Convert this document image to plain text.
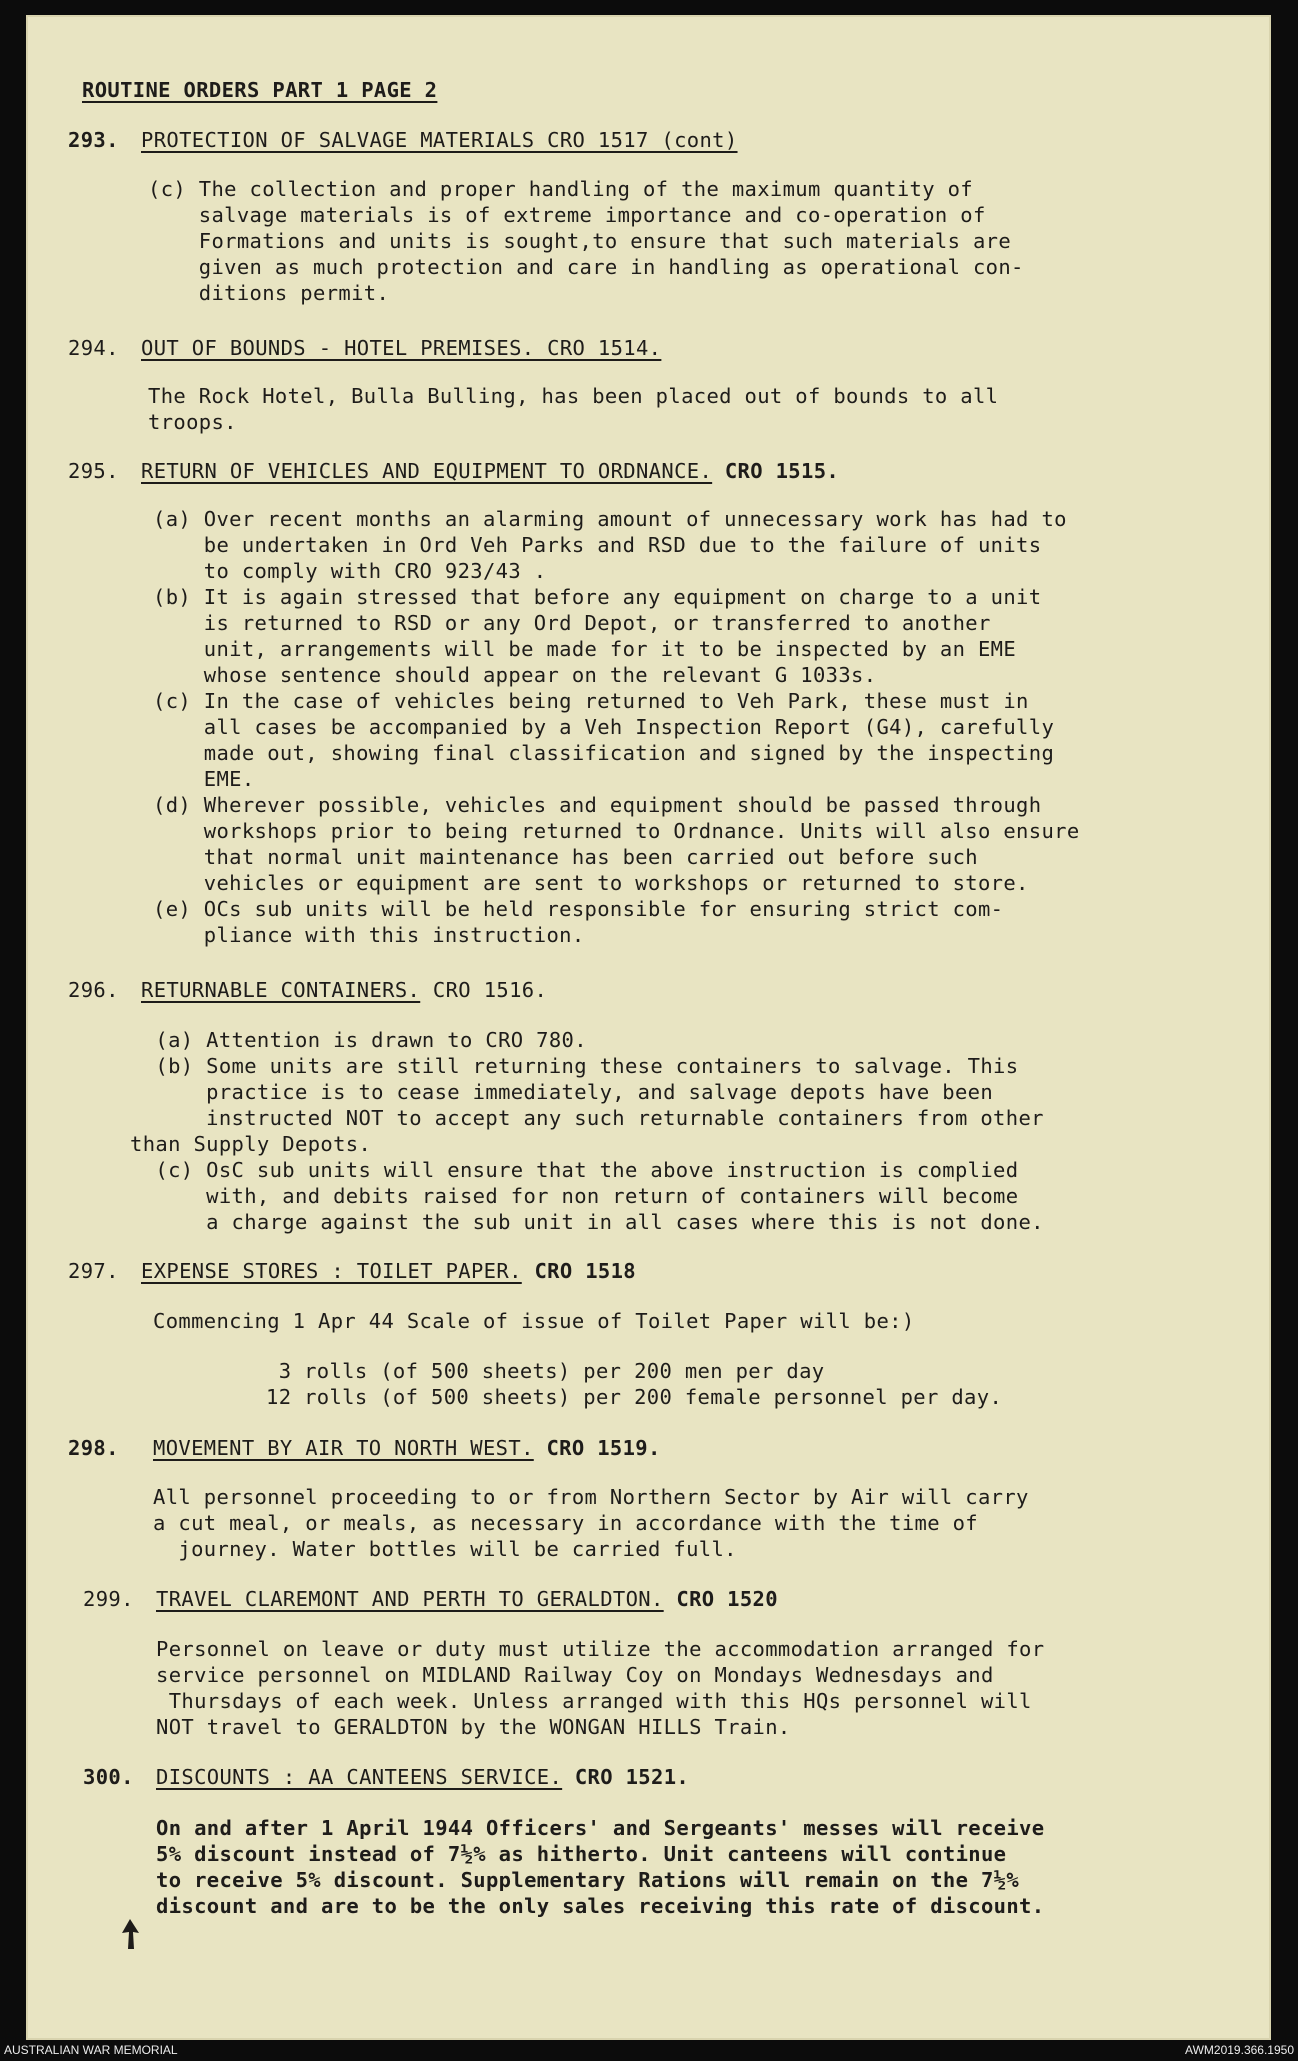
ROUTINE ORDERS PART 1 PAGE 2
293. PROTECTION OF SALVAGE MATERIALS CRO 1517 (cont)
(c) The collection and proper handling of the maximum quantity of
salvage materials is of extreme importance and co-operation of
Formations and units is sought,to ensure that such materials are
given as much protection and care in handling as operational con-
ditions permit.
294. OUT OF BOUNDS - HOTEL PREMISES. CRO 1514.
The Rock Hotel, Bulla Bulling, has been placed out of bounds to all
troops.
295. RETURN OF VEHICLES AND EQUIPMENT TO ORDNANCE. CRO 1515.
(a) Over recent months an alarming amount of unnecessary work has had to
be undertaken in Ord Veh Parks and RSD due to the failure of units
to comply with CRO 923/43 .
(b) It is again stressed that before any equipment on charge to a unit
is returned to RSD or any Ord Depot, or transferred to another
unit, arrangements will be made for it to be inspected by an EME
whose sentence should appear on the relevant G 1033s.
(c) In the case of vehicles being returned to Veh Park, these must in
all cases be accompanied by a Veh Inspection Report (G4), carefully
made out, showing final classification and signed by the inspecting
EME.
(d) Wherever possible, vehicles and equipment should be passed through
workshops prior to being returned to Ordnance. Units will also ensure
that normal unit maintenance has been carried out before such
vehicles or equipment are sent to workshops or returned to store.
(e) OCs sub units will be held responsible for ensuring strict com-
pliance with this instruction.
296. RETURNABLE CONTAINERS. CRO 1516.
(a) Attention is drawn to CRO 780.
(b) Some units are still returning these containers to salvage. This
practice is to cease immediately, and salvage depots have been
instructed NOT to accept any such returnable containers from other
than Supply Depots.
(c) OsC sub units will ensure that the above instruction is complied
with, and debits raised for non return of containers will become
a charge against the sub unit in all cases where this is not done.
297. EXPENSE STORES : TOILET PAPER. CRO 1518
Commencing 1 Apr 44 Scale of issue of Toilet Paper will be:)
3 rolls (of 500 sheets) per 200 men per day
12 rolls (of 500 sheets) per 200 female personnel per day.
298. MOVEMENT BY AIR TO NORTH WEST. CRO 1519.
All personnel proceeding to or from Northern Sector by Air will carry
a cut meal, or meals, as necessary in accordance with the time of
journey. Water bottles will be carried full.
299. TRAVEL CLAREMONT AND PERTH TO GERALDTON. CRO 1520
Personnel on leave or duty must utilize the accommodation arranged for
service personnel on MIDLAND Railway Coy on Mondays Wednesdays and
Thursdays of each week. Unless arranged with this HQs personnel will
NOT travel to GERALDTON by the WONGAN HILLS Train.
300. DISCOUNTS : AA CANTEENS SERVICE. CRO 1521.
On and after 1 April 1944 Officers' and Sergeants' messes will receive
5% discount instead of 7½% as hitherto. Unit canteens will continue
to receive 5% discount. Supplementary Rations will remain on the 7½%
discount and are to be the only sales receiving this rate of discount.
AUSTRALIAN WAR MEMORIAL	AWM2019.366.1950
